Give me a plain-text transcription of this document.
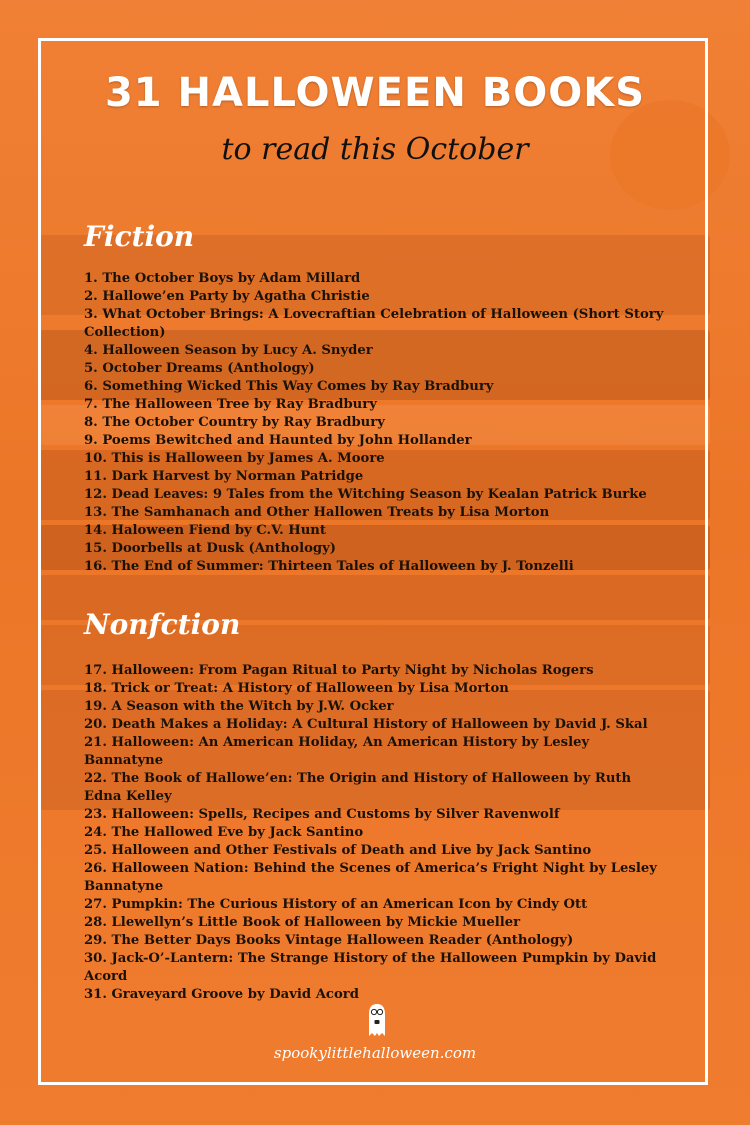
31 HALLOWEEN BOOKS

to read this October

Fiction
1. The October Boys by Adam Millard
2. Hallowe’en Party by Agatha Christie
3. What October Brings: A Lovecraftian Celebration of Halloween (Short Story Collection)
4. Halloween Season by Lucy A. Snyder
5. October Dreams (Anthology)
6. Something Wicked This Way Comes by Ray Bradbury
7. The Halloween Tree by Ray Bradbury
8. The October Country by Ray Bradbury
9. Poems Bewitched and Haunted by John Hollander
10. This is Halloween by James A. Moore
11. Dark Harvest by Norman Patridge
12. Dead Leaves: 9 Tales from the Witching Season by Kealan Patrick Burke
13. The Samhanach and Other Hallowen Treats by Lisa Morton
14. Haloween Fiend by C.V. Hunt
15. Doorbells at Dusk (Anthology)
16. The End of Summer: Thirteen Tales of Halloween by J. Tonzelli
Nonfction
17. Halloween: From Pagan Ritual to Party Night by Nicholas Rogers
18. Trick or Treat: A History of Halloween by Lisa Morton
19. A Season with the Witch by J.W. Ocker
20. Death Makes a Holiday: A Cultural History of Halloween by David J. Skal
21. Halloween: An American Holiday, An American History by Lesley Bannatyne
22. The Book of Hallowe’en: The Origin and History of Halloween by Ruth Edna Kelley
23. Halloween: Spells, Recipes and Customs by Silver Ravenwolf
24. The Hallowed Eve by Jack Santino
25. Halloween and Other Festivals of Death and Live by Jack Santino
26. Halloween Nation: Behind the Scenes of America’s Fright Night by Lesley Bannatyne
27. Pumpkin: The Curious History of an American Icon by Cindy Ott
28. Llewellyn’s Little Book of Halloween by Mickie Mueller
29. The Better Days Books Vintage Halloween Reader (Anthology)
30. Jack-O’-Lantern: The Strange History of the Halloween Pumpkin by David Acord
31. Graveyard Groove by David Acord

spookylittlehalloween.com
